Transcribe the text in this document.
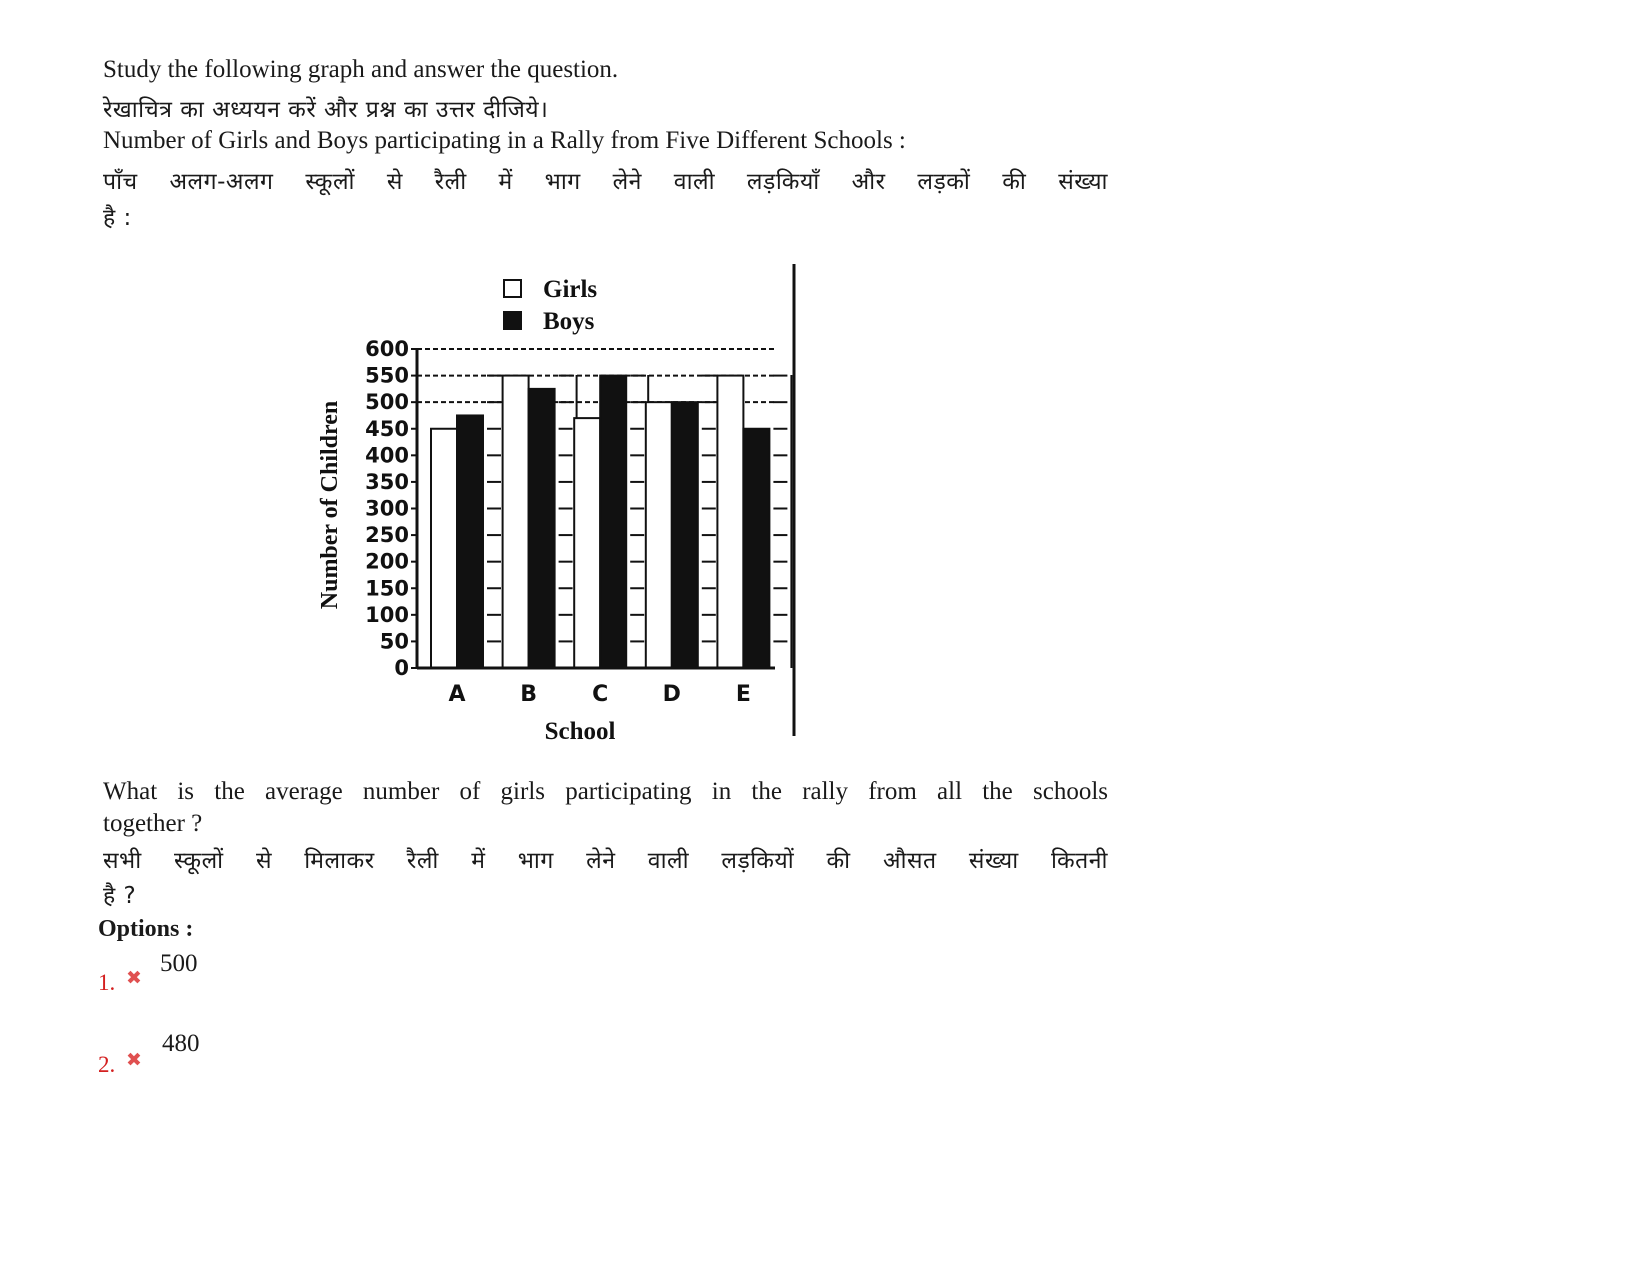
Study the following graph and answer the question.
रेखाचित्र का अध्ययन करें और प्रश्न का उत्तर दीजिये।
Number of Girls and Boys participating in a Rally from Five Different Schools :
पाँच अलग-अलग स्कूलों से रैली में भाग लेने वाली लड़कियाँ और लड़कों की संख्या
है :
0
50
100
150
200
250
300
350
400
450
500
550
600
A B	C D E
School
Number of Children
Girls
Boys
What is the average number of girls participating in the rally from all the schools
together ?
सभी स्कूलों से मिलाकर रैली में भाग लेने वाली लड़कियों की औसत संख्या कितनी
है ?
Options :
1. ✖
500
2. ✖
480
